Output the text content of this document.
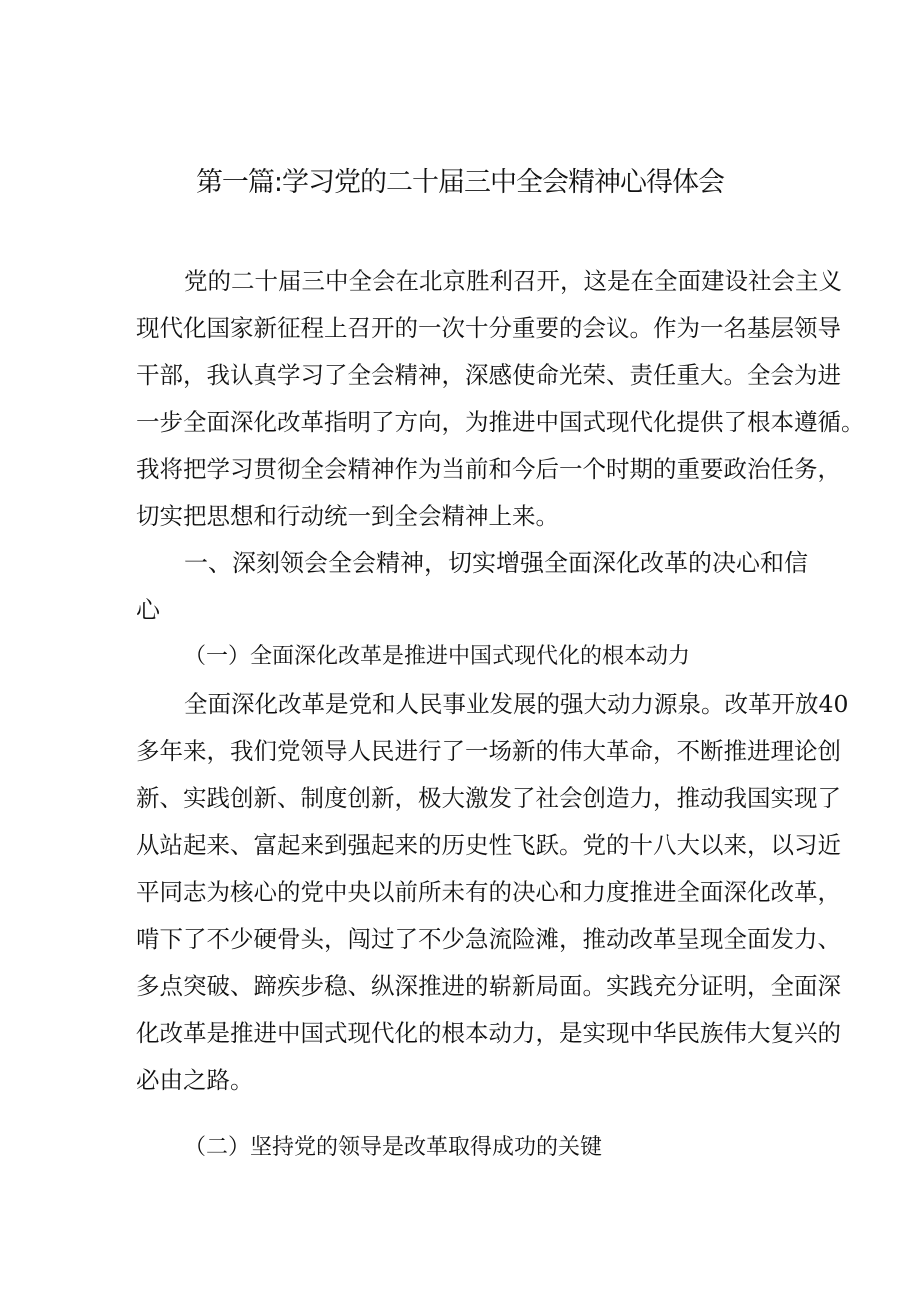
第一篇:学习党的二十届三中全会精神心得体会
党的二十届三中全会在北京胜利召开，这是在全面建设社会主义
现代化国家新征程上召开的一次十分重要的会议。作为一名基层领导
干部，我认真学习了全会精神，深感使命光荣、责任重大。全会为进
一步全面深化改革指明了方向，为推进中国式现代化提供了根本遵循。
我将把学习贯彻全会精神作为当前和今后一个时期的重要政治任务，
切实把思想和行动统一到全会精神上来。
一、深刻领会全会精神，切实增强全面深化改革的决心和信
心
（一）全面深化改革是推进中国式现代化的根本动力
全面深化改革是党和人民事业发展的强大动力源泉。改革开放40
多年来，我们党领导人民进行了一场新的伟大革命，不断推进理论创
新、实践创新、制度创新，极大激发了社会创造力，推动我国实现了
从站起来、富起来到强起来的历史性飞跃。党的十八大以来，以习近
平同志为核心的党中央以前所未有的决心和力度推进全面深化改革，
啃下了不少硬骨头，闯过了不少急流险滩，推动改革呈现全面发力、
多点突破、蹄疾步稳、纵深推进的崭新局面。实践充分证明，全面深
化改革是推进中国式现代化的根本动力，是实现中华民族伟大复兴的
必由之路。
（二）坚持党的领导是改革取得成功的关键
